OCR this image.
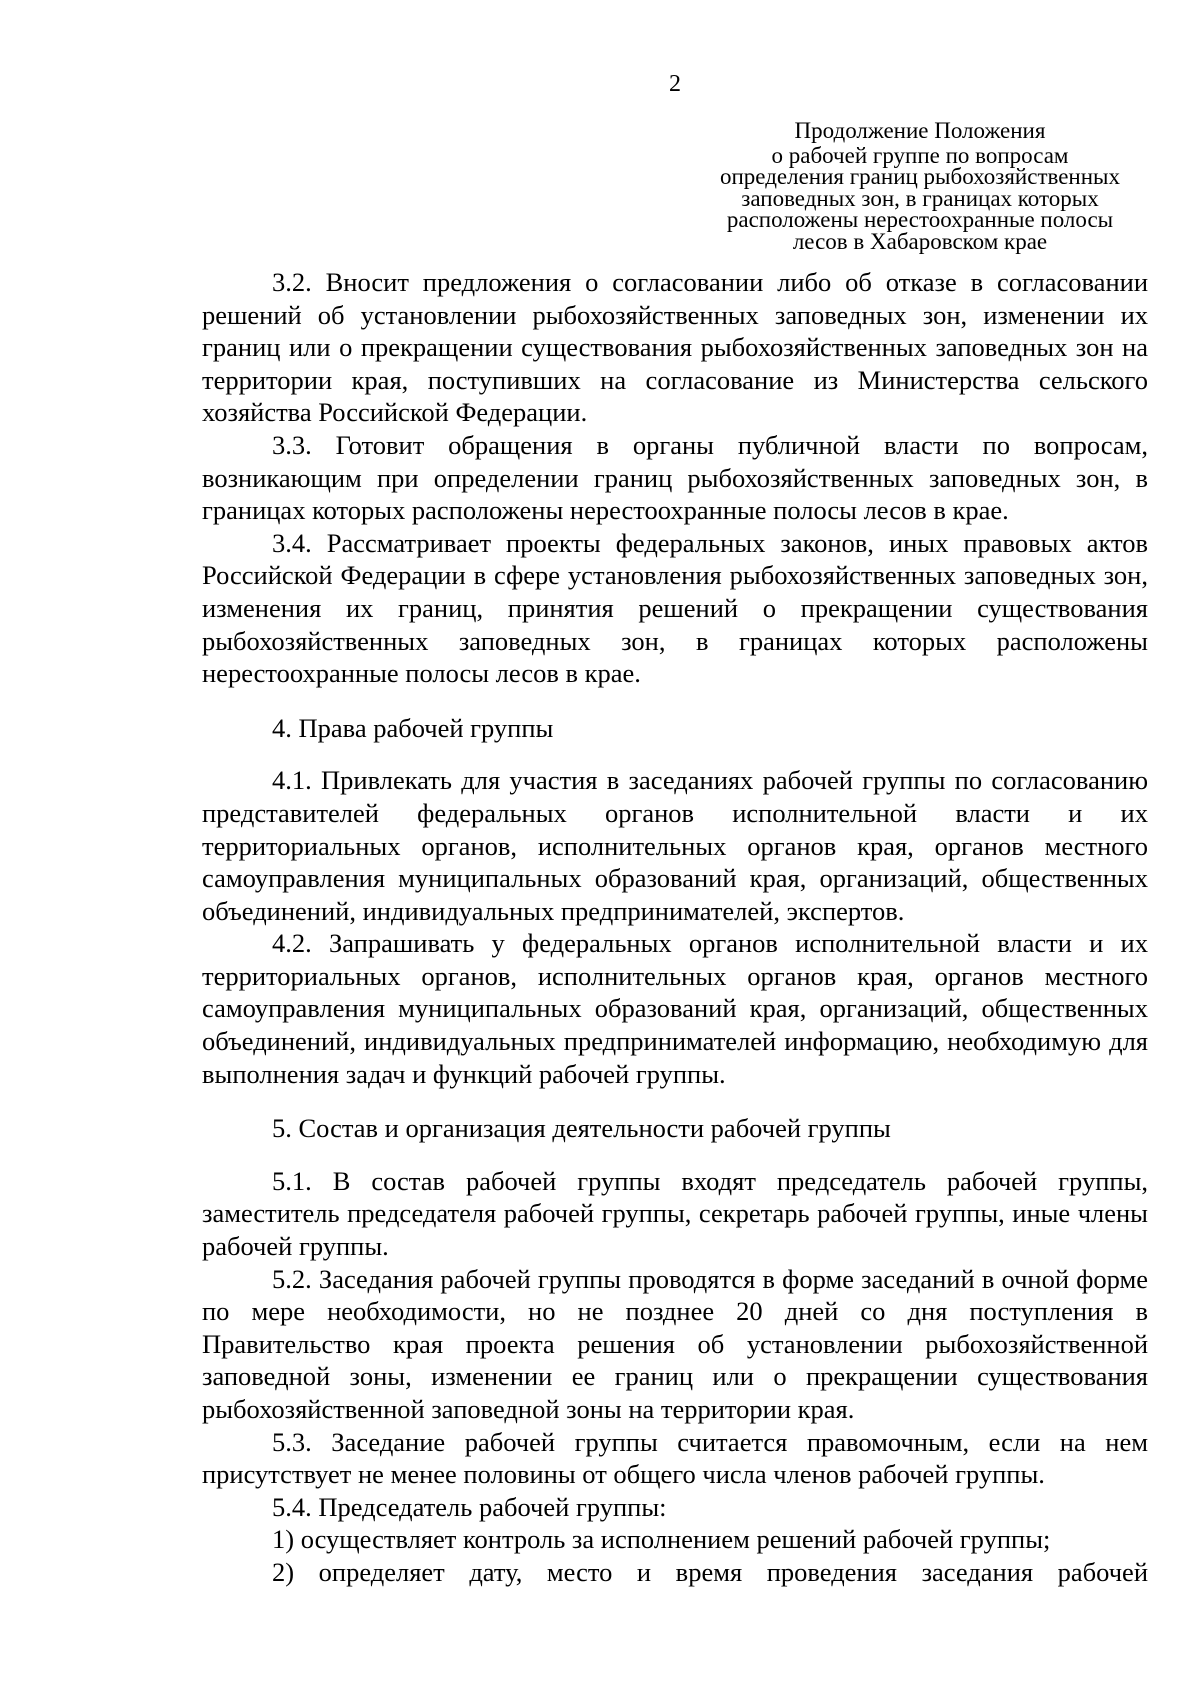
2
Продолжение Положения
о рабочей группе по вопросам
определения границ рыбохозяйственных
заповедных зон, в границах которых
расположены нерестоохранные полосы
лесов в Хабаровском крае

3.2. Вносит предложения о согласовании либо об отказе в согласовании решений об установлении рыбохозяйственных заповедных зон, изменении их границ или о прекращении существования рыбохозяйственных заповедных зон на территории края, поступивших на согласование из Министерства сельского хозяйства Российской Федерации.

3.3. Готовит обращения в органы публичной власти по вопросам, возникающим при определении границ рыбохозяйственных заповедных зон, в границах которых расположены нерестоохранные полосы лесов в крае.

3.4. Рассматривает проекты федеральных законов, иных правовых актов Российской Федерации в сфере установления рыбохозяйственных заповедных зон, изменения их границ, принятия решений о прекращении существования рыбохозяйственных заповедных зон, в границах которых расположены нерестоохранные полосы лесов в крае.

4. Права рабочей группы

4.1. Привлекать для участия в заседаниях рабочей группы по согласованию представителей федеральных органов исполнительной власти и их территориальных органов, исполнительных органов края, органов местного самоуправления муниципальных образований края, организаций, общественных объединений, индивидуальных предпринимателей, экспертов.

4.2. Запрашивать у федеральных органов исполнительной власти и их территориальных органов, исполнительных органов края, органов местного самоуправления муниципальных образований края, организаций, общественных объединений, индивидуальных предпринимателей информацию, необходимую для выполнения задач и функций рабочей группы.

5. Состав и организация деятельности рабочей группы

5.1. В состав рабочей группы входят председатель рабочей группы, заместитель председателя рабочей группы, секретарь рабочей группы, иные члены рабочей группы.

5.2. Заседания рабочей группы проводятся в форме заседаний в очной форме по мере необходимости, но не позднее 20 дней со дня поступления в Правительство края проекта решения об установлении рыбохозяйственной заповедной зоны, изменении ее границ или о прекращении существования рыбохозяйственной заповедной зоны на территории края.

5.3. Заседание рабочей группы считается правомочным, если на нем присутствует не менее половины от общего числа членов рабочей группы.

5.4. Председатель рабочей группы:

1) осуществляет контроль за исполнением решений рабочей группы;

2) определяет дату, место и время проведения заседания рабочей
